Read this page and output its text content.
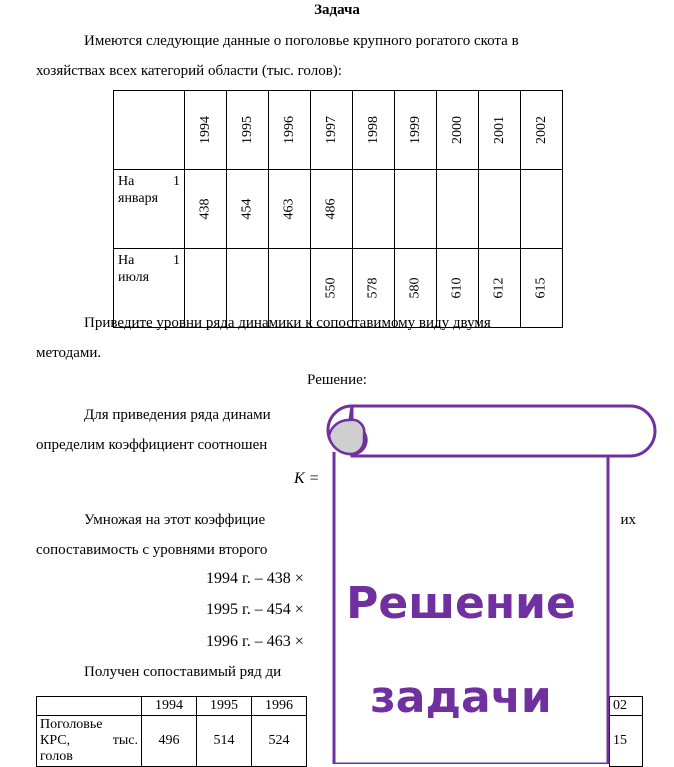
Задача
Имеются следующие данные о поголовье крупного рогатого скота в
хозяйствах всех категорий области (тыс. голов):
	1994	1995	1996	1997	1998	1999	2000	2001	2002

На 1
января	438	454	463	486					

На 1
июля				550	578	580	610	612	615
Приведите уровни ряда динамики к сопоставимому виду двумя
методами.
Решение:
Для приведения ряда динами
определим коэффициент соотношен
К =
Умножая на этот коэффицие	их
сопоставимость с уровнями второго
1994 г. – 438 ×
1995 г. – 454 ×
1996 г. – 463 ×
Получен сопоставимый ряд ди
	1994	1995	1996		02

Поголовье
КРС, тыс.
голов	496	514	524		15
Решение
задачи
